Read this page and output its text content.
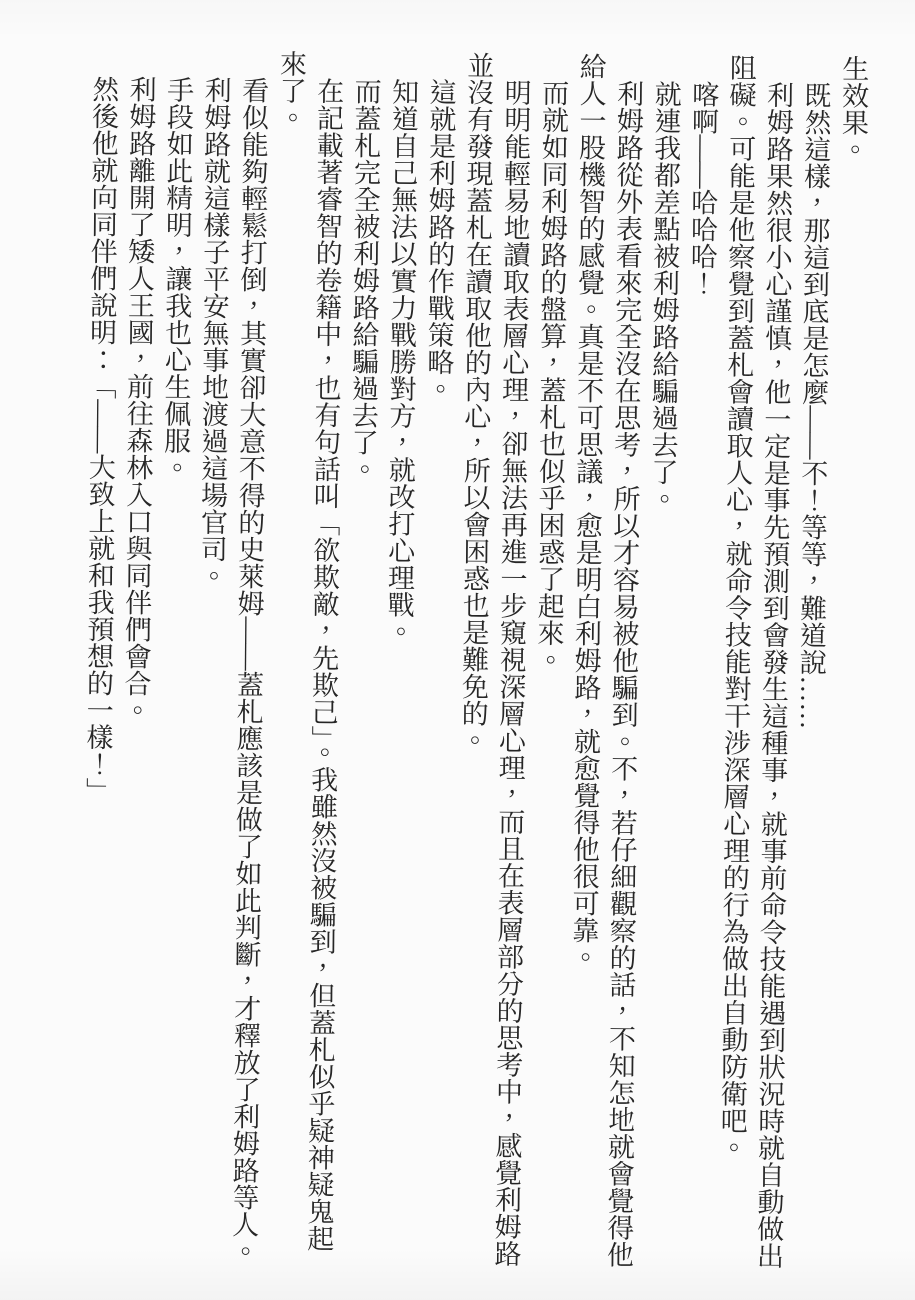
生效果。

既然這樣，那這到底是怎麼——不！等等，難道說……

利姆路果然很小心謹慎，他一定是事先預測到會發生這種事，就事前命令技能遇到狀況時就自動做出阻礙。可能是他察覺到蓋札會讀取人心，就命令技能對干涉深層心理的行為做出自動防衛吧。

喀啊——哈哈哈！

就連我都差點被利姆路給騙過去了。

利姆路從外表看來完全沒在思考，所以才容易被他騙到。不，若仔細觀察的話，不知怎地就會覺得他給人一股機智的感覺。真是不可思議，愈是明白利姆路，就愈覺得他很可靠。

而就如同利姆路的盤算，蓋札也似乎困惑了起來。

明明能輕易地讀取表層心理，卻無法再進一步窺視深層心理，而且在表層部分的思考中，感覺利姆路並沒有發現蓋札在讀取他的內心，所以會困惑也是難免的。

這就是利姆路的作戰策略。

知道自己無法以實力戰勝對方，就改打心理戰。

而蓋札完全被利姆路給騙過去了。

在記載著睿智的卷籍中，也有句話叫「欲欺敵，先欺己」。我雖然沒被騙到，但蓋札似乎疑神疑鬼起來了。

看似能夠輕鬆打倒，其實卻大意不得的史萊姆——蓋札應該是做了如此判斷，才釋放了利姆路等人。

利姆路就這樣子平安無事地渡過這場官司。

手段如此精明，讓我也心生佩服。

利姆路離開了矮人王國，前往森林入口與同伴們會合。

然後他就向同伴們說明：「——大致上就和我預想的一樣！」
